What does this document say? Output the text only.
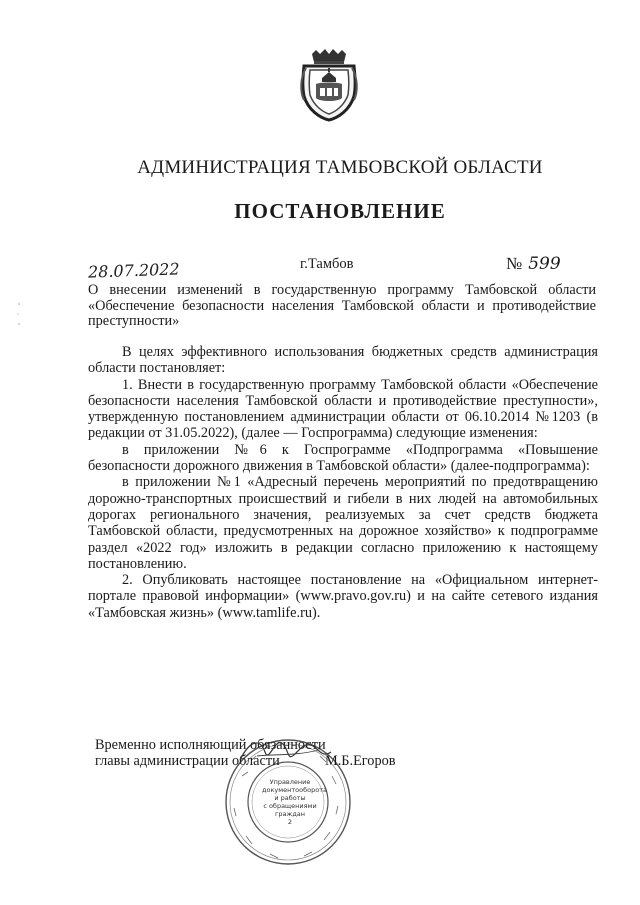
АДМИНИСТРАЦИЯ ТАМБОВСКОЙ ОБЛАСТИ
ПОСТАНОВЛЕНИЕ
28.07.2022	г.Тамбов	№ 599
О внесении изменений в государственную программу Тамбовской области «Обеспечение безопасности населения Тамбовской области и противодействие преступности»

В целях эффективного использования бюджетных средств администрация области постановляет:

1. Внести в государственную программу Тамбовской области «Обеспечение безопасности населения Тамбовской области и противодействие преступности», утвержденную постановлением администрации области от 06.10.2014 №1203 (в редакции от 31.05.2022), (далее — Госпрограмма) следующие изменения:

в приложении №6 к Госпрограмме «Подпрограмма «Повышение безопасности дорожного движения в Тамбовской области» (далее-подпрограмма):

в приложении №1 «Адресный перечень мероприятий по предотвращению дорожно-транспортных происшествий и гибели в них людей на автомобильных дорогах регионального значения, реализуемых за счет средств бюджета Тамбовской области, предусмотренных на дорожное хозяйство» к подпрограмме раздел «2022 год» изложить в редакции согласно приложению к настоящему постановлению.

2. Опубликовать настоящее постановление на «Официальном интернет-портале правовой информации» (www.pravo.gov.ru) и на сайте сетевого издания «Тамбовская жизнь» (www.tamlife.ru).

Управление
документооборота
и работы
с обращениями
граждан
2
Временно исполняющий обязанности
главы администрации области	М.Б.Егоров
